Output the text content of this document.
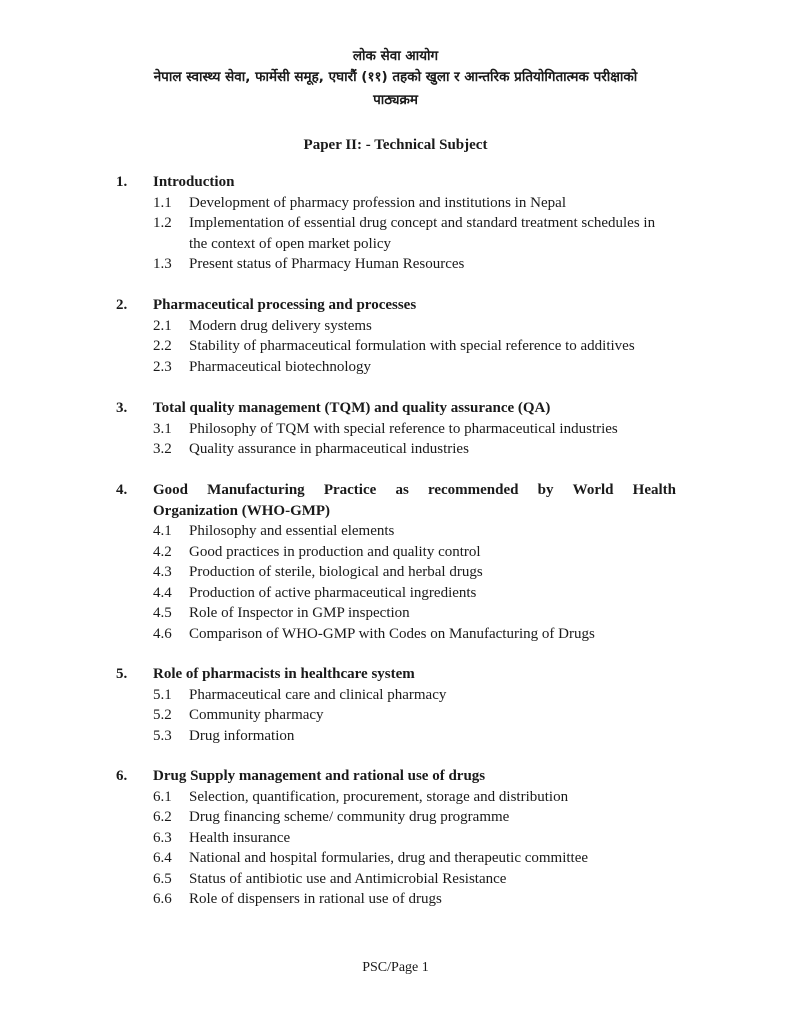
लोक सेवा आयोग
नेपाल स्वास्थ्य सेवा, फार्मेसी समूह, एघारौं (११) तहको खुला र आन्तरिक प्रतियोगितात्मक परीक्षाको
पाठ्यक्रम
Paper II: - Technical Subject
1.	Introduction
1.1	Development of pharmacy profession and institutions in Nepal
1.2	Implementation of essential drug concept and standard treatment schedules in the context of open market policy
1.3	Present status of Pharmacy Human Resources
2.	Pharmaceutical processing and processes
2.1	Modern drug delivery systems
2.2	Stability of pharmaceutical formulation with special reference to additives
2.3	Pharmaceutical biotechnology
3.	Total quality management (TQM) and quality assurance (QA)
3.1	Philosophy of TQM with special reference to pharmaceutical industries
3.2	Quality assurance in pharmaceutical industries
4.	Good Manufacturing Practice as recommended by World Health
Organization (WHO-GMP)
4.1	Philosophy and essential elements
4.2	Good practices in production and quality control
4.3	Production of sterile, biological and herbal drugs
4.4	Production of active pharmaceutical ingredients
4.5	Role of Inspector in GMP inspection
4.6	Comparison of WHO-GMP with Codes on Manufacturing of Drugs
5.	Role of pharmacists in healthcare system
5.1	Pharmaceutical care and clinical pharmacy
5.2	Community pharmacy
5.3	Drug information
6.	Drug Supply management and rational use of drugs
6.1	Selection, quantification, procurement, storage and distribution
6.2	Drug financing scheme/ community drug programme
6.3	Health insurance
6.4	National and hospital formularies, drug and therapeutic committee
6.5	Status of antibiotic use and Antimicrobial Resistance
6.6	Role of dispensers in rational use of drugs
PSC/Page 1
